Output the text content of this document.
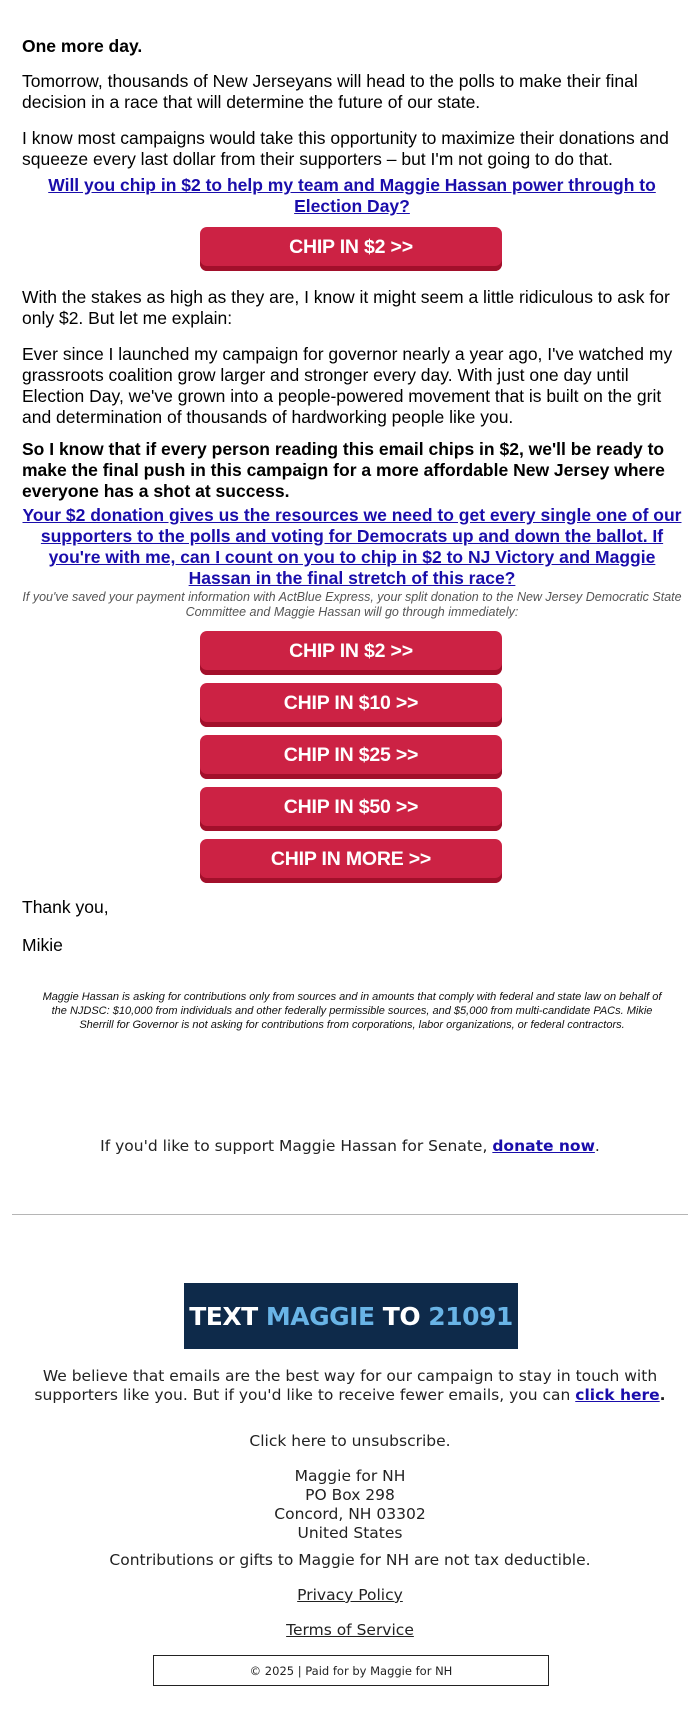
One more day.

Tomorrow, thousands of New Jerseyans will head to the polls to make their final decision in a race that will determine the future of our state.

I know most campaigns would take this opportunity to maximize their donations and squeeze every last dollar from their supporters – but I'm not going to do that.

Will you chip in $2 to help my team and Maggie Hassan power through to Election Day?

CHIP IN $2 >>

With the stakes as high as they are, I know it might seem a little ridiculous to ask for only $2. But let me explain:

Ever since I launched my campaign for governor nearly a year ago, I've watched my grassroots coalition grow larger and stronger every day. With just one day until Election Day, we've grown into a people-powered movement that is built on the grit and determination of thousands of hardworking people like you.

So I know that if every person reading this email chips in $2, we'll be ready to make the final push in this campaign for a more affordable New Jersey where everyone has a shot at success.

Your $2 donation gives us the resources we need to get every single one of our supporters to the polls and voting for Democrats up and down the ballot. If you're with me, can I count on you to chip in $2 to NJ Victory and Maggie Hassan in the final stretch of this race?

If you've saved your payment information with ActBlue Express, your split donation to the New Jersey Democratic State Committee and Maggie Hassan will go through immediately:

CHIP IN $2 >>
CHIP IN $10 >>
CHIP IN $25 >>
CHIP IN $50 >>
CHIP IN MORE >>

Thank you,

Mikie

Maggie Hassan is asking for contributions only from sources and in amounts that comply with federal and state law on behalf of the NJDSC: $10,000 from individuals and other federally permissible sources, and $5,000 from multi-candidate PACs. Mikie Sherrill for Governor is not asking for contributions from corporations, labor organizations, or federal contractors.

If you'd like to support Maggie Hassan for Senate, donate now.

TEXT
MAGGIE
TO
21091

We believe that emails are the best way for our campaign to stay in touch with supporters like you. But if you'd like to receive fewer emails, you can click here.

Click here to unsubscribe.

Maggie for NH
PO Box 298
Concord, NH 03302
United States

Contributions or gifts to Maggie for NH are not tax deductible.

Privacy Policy

Terms of Service

© 2025 | Paid for by Maggie for NH
